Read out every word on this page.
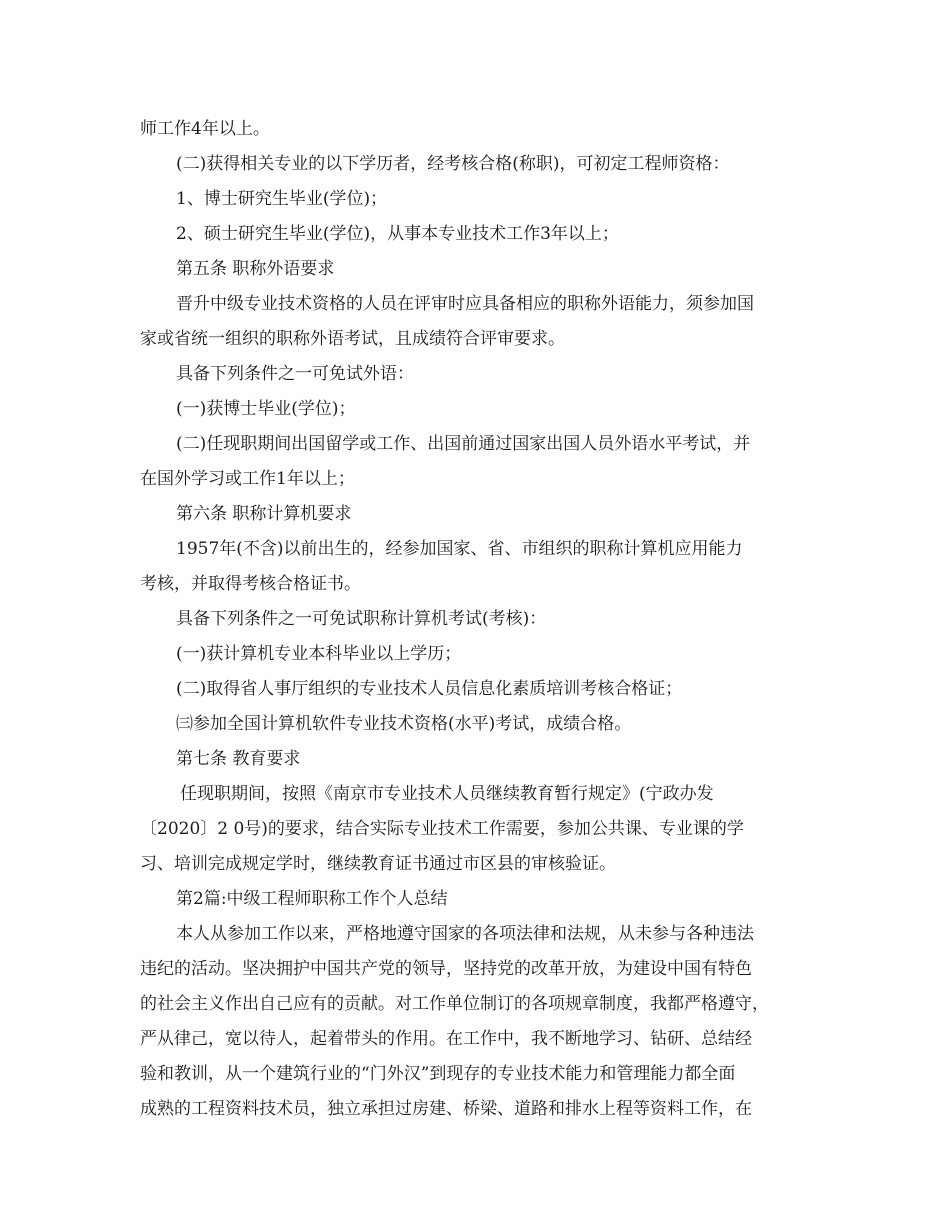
师工作4年以上。
(二)获得相关专业的以下学历者，经考核合格(称职)，可初定工程师资格：
1、博士研究生毕业(学位)；
2、硕士研究生毕业(学位)，从事本专业技术工作3年以上；
第五条 职称外语要求
晋升中级专业技术资格的人员在评审时应具备相应的职称外语能力，须参加国
家或省统一组织的职称外语考试，且成绩符合评审要求。
具备下列条件之一可免试外语：
(一)获博士毕业(学位)；
(二)任现职期间出国留学或工作、出国前通过国家出国人员外语水平考试，并
在国外学习或工作1年以上；
第六条 职称计算机要求
1957年(不含)以前出生的，经参加国家、省、市组织的职称计算机应用能力
考核，并取得考核合格证书。
具备下列条件之一可免试职称计算机考试(考核)：
(一)获计算机专业本科毕业以上学历；
(二)取得省人事厅组织的专业技术人员信息化素质培训考核合格证；
㈢参加全国计算机软件专业技术资格(水平)考试，成绩合格。
第七条 教育要求
任现职期间，按照《南京市专业技术人员继续教育暂行规定》(宁政办发
〔2020〕2 0号)的要求，结合实际专业技术工作需要，参加公共课、专业课的学
习、培训完成规定学时，继续教育证书通过市区县的审核验证。
第2篇:中级工程师职称工作个人总结
本人从参加工作以来，严格地遵守国家的各项法律和法规，从未参与各种违法
违纪的活动。坚决拥护中国共产党的领导，坚持党的改革开放，为建设中国有特色
的社会主义作出自己应有的贡献。对工作单位制订的各项规章制度，我都严格遵守，
严从律己，宽以待人，起着带头的作用。在工作中，我不断地学习、钻研、总结经
验和教训，从一个建筑行业的“门外汉”到现存的专业技术能力和管理能力都全面
成熟的工程资料技术员，独立承担过房建、桥梁、道路和排水上程等资料工作，在
